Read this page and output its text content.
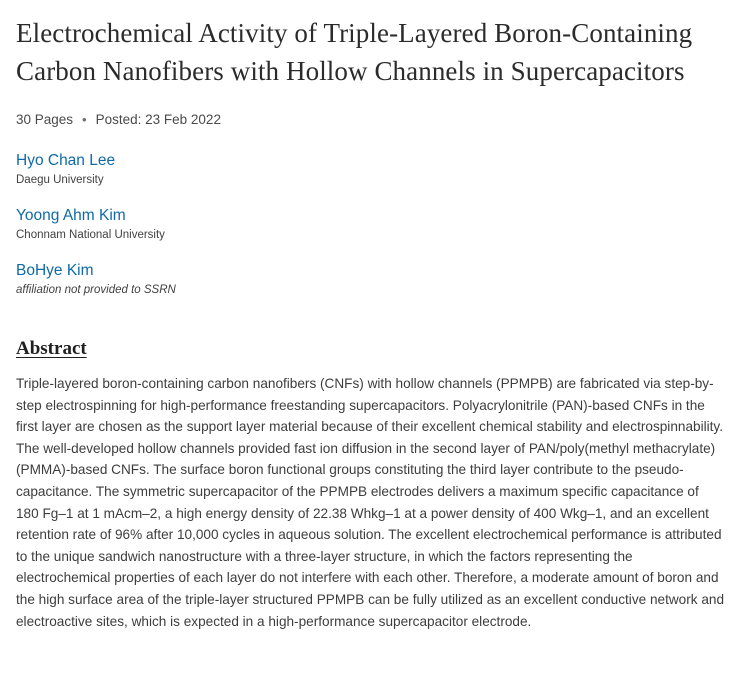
Electrochemical Activity of Triple-Layered Boron-Containing Carbon Nanofibers with Hollow Channels in Supercapacitors
30 Pages • Posted: 23 Feb 2022
Hyo Chan Lee
Daegu University
Yoong Ahm Kim
Chonnam National University
BoHye Kim
affiliation not provided to SSRN
Abstract
Triple-layered boron-containing carbon nanofibers (CNFs) with hollow channels (PPMPB) are fabricated via step-by-step electrospinning for high-performance freestanding supercapacitors. Polyacrylonitrile (PAN)-based CNFs in the first layer are chosen as the support layer material because of their excellent chemical stability and electrospinnability. The well-developed hollow channels provided fast ion diffusion in the second layer of PAN/poly(methyl methacrylate) (PMMA)-based CNFs. The surface boron functional groups constituting the third layer contribute to the pseudo-capacitance. The symmetric supercapacitor of the PPMPB electrodes delivers a maximum specific capacitance of 180 Fg–1 at 1 mAcm–2, a high energy density of 22.38 Whkg–1 at a power density of 400 Wkg–1, and an excellent retention rate of 96% after 10,000 cycles in aqueous solution. The excellent electrochemical performance is attributed to the unique sandwich nanostructure with a three-layer structure, in which the factors representing the electrochemical properties of each layer do not interfere with each other. Therefore, a moderate amount of boron and the high surface area of the triple-layer structured PPMPB can be fully utilized as an excellent conductive network and electroactive sites, which is expected in a high-performance supercapacitor electrode.
